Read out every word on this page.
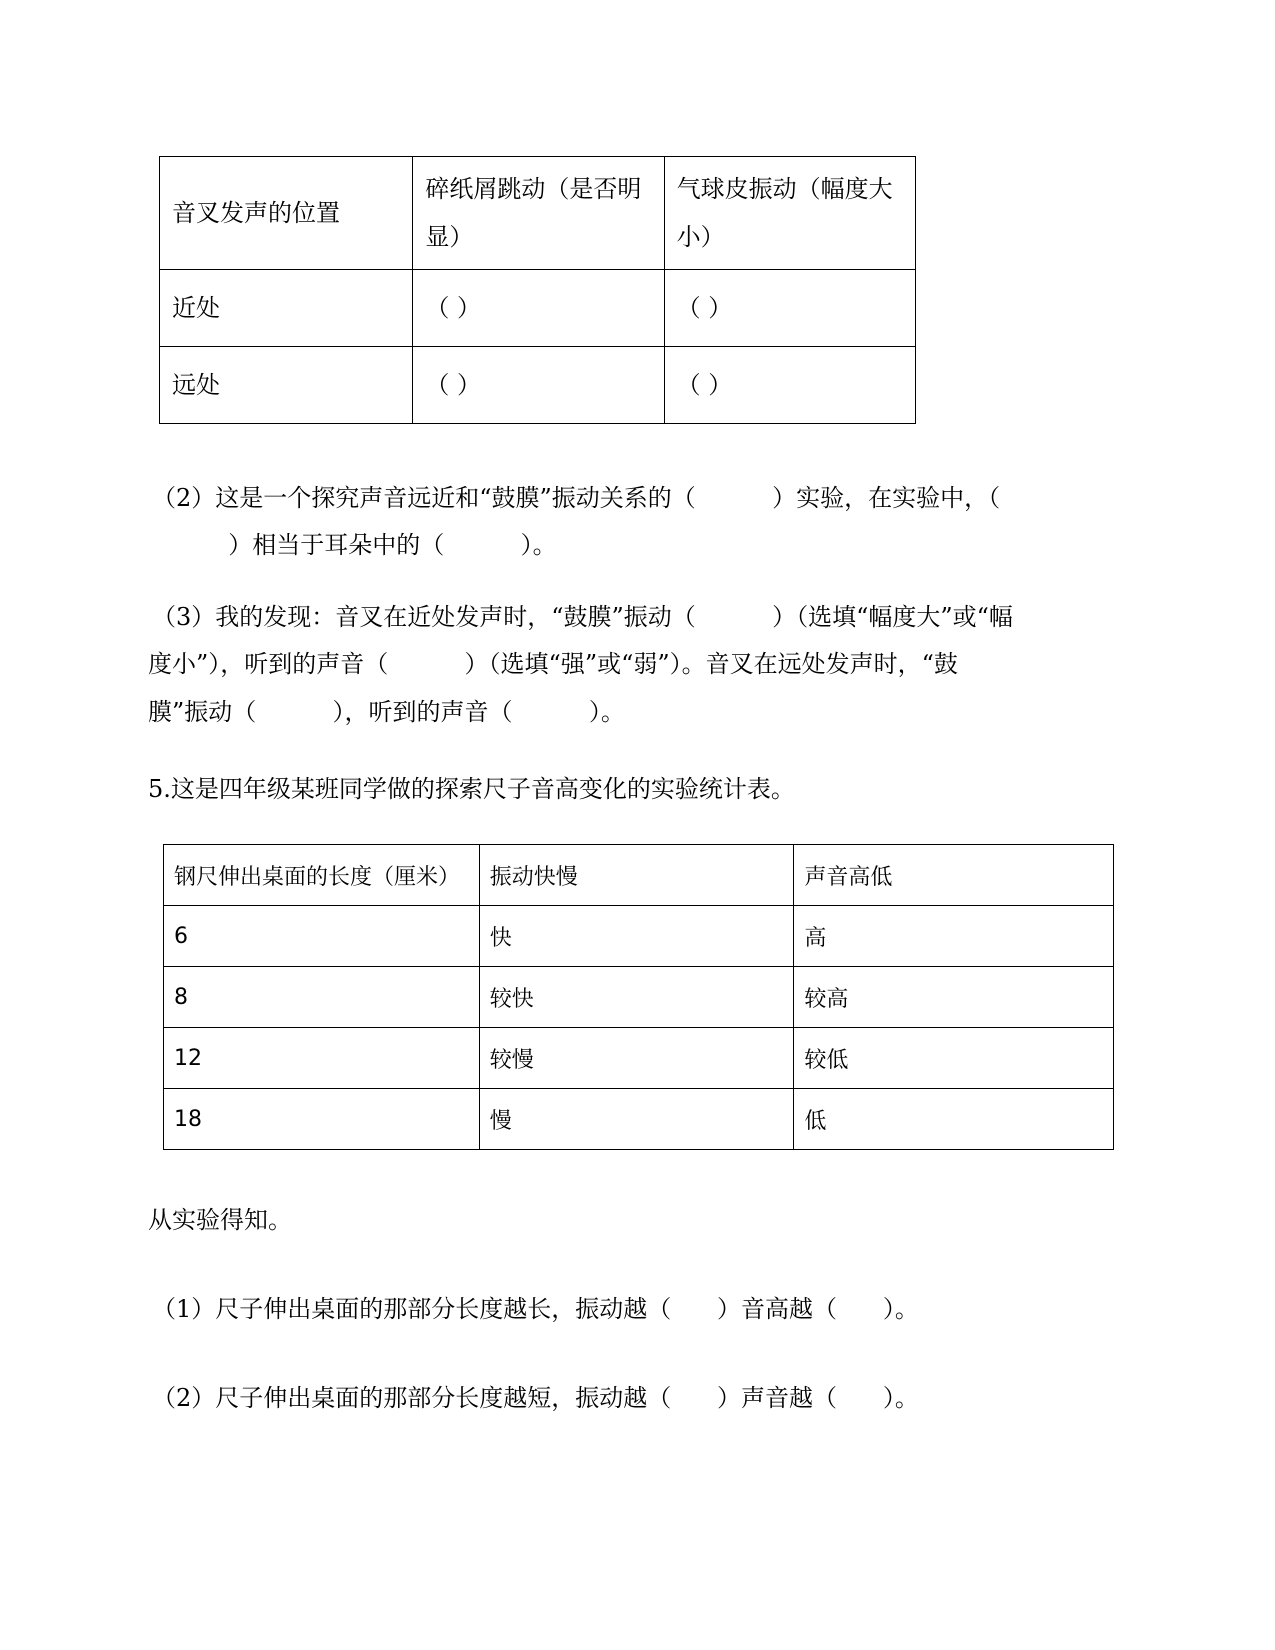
音叉发声的位置	碎纸屑跳动（是否明显）	气球皮振动（幅度大小）
近处	（ ）	（ ）
远处	（ ）	（ ）
（2）这是一个探究声音远近和“鼓膜”振动关系的（          ）实验，在实验中，（
）相当于耳朵中的（          ）。
（3）我的发现：音叉在近处发声时，“鼓膜”振动（          ）（选填“幅度大”或“幅
度小”），听到的声音（          ）（选填“强”或“弱”）。音叉在远处发声时，“鼓
膜”振动（          ），听到的声音（          ）。
5.这是四年级某班同学做的探索尺子音高变化的实验统计表。
钢尺伸出桌面的长度（厘米）	振动快慢	声音高低
6	快	高
8	较快	较高
12	较慢	较低
18	慢	低
从实验得知。
（1）尺子伸出桌面的那部分长度越长，振动越（      ）音高越（      ）。
（2）尺子伸出桌面的那部分长度越短，振动越（      ）声音越（      ）。
